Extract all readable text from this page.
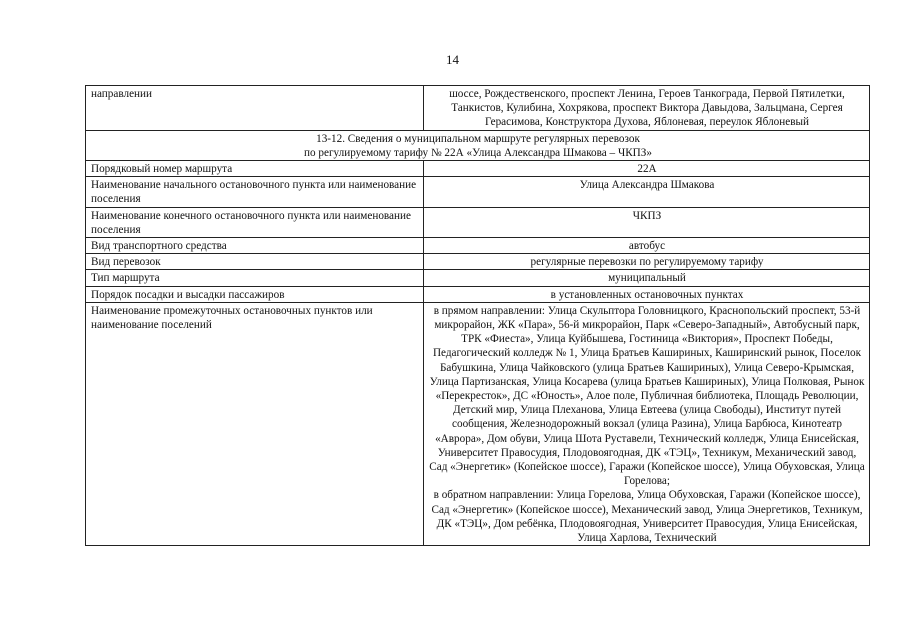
14
направлении	шоссе, Рождественского, проспект Ленина, Героев Танкограда, Первой Пятилетки, Танкистов, Кулибина, Хохрякова, проспект Виктора Давыдова, Зальцмана, Сергея Герасимова, Конструктора Духова, Яблоневая, переулок Яблоневый

13-12. Сведения о муниципальном маршруте регулярных перевозок
по регулируемому тарифу № 22А «Улица Александра Шмакова – ЧКПЗ»	

Порядковый номер маршрута	22А
Наименование начального остановочного пункта или наименование поселения	Улица Александра Шмакова
Наименование конечного остановочного пункта или наименование поселения	ЧКПЗ
Вид транспортного средства	автобус
Вид перевозок	регулярные перевозки по регулируемому тарифу
Тип маршрута	муниципальный
Порядок посадки и высадки пассажиров	в установленных остановочных пунктах
Наименование промежуточных остановочных пунктов или наименование поселений	в прямом направлении: Улица Скульптора Головницкого, Краснопольский проспект, 53-й микрорайон, ЖК «Пара», 56-й микрорайон, Парк «Северо-Западный», Автобусный парк, ТРК «Фиеста», Улица Куйбышева, Гостиница «Виктория», Проспект Победы, Педагогический колледж № 1, Улица Братьев Кашириных, Каширинский рынок, Поселок Бабушкина, Улица Чайковского (улица Братьев Кашириных), Улица Северо-Крымская, Улица Партизанская, Улица Косарева (улица Братьев Кашириных), Улица Полковая, Рынок «Перекресток», ДС «Юность», Алое поле, Публичная библиотека, Площадь Революции, Детский мир, Улица Плеханова, Улица Евтеева (улица Свободы), Институт путей сообщения, Железнодорожный вокзал (улица Разина), Улица Барбюса, Кинотеатр «Аврора», Дом обуви, Улица Шота Руставели, Технический колледж, Улица Енисейская, Университет Правосудия, Плодовоягодная, ДК «ТЭЦ», Техникум, Механический завод, Сад «Энергетик» (Копейское шоссе), Гаражи (Копейское шоссе), Улица Обуховская, Улица Горелова;
в обратном направлении: Улица Горелова, Улица Обуховская, Гаражи (Копейское шоссе), Сад «Энергетик» (Копейское шоссе), Механический завод, Улица Энергетиков, Техникум, ДК «ТЭЦ», Дом ребёнка, Плодовоягодная, Университет Правосудия, Улица Енисейская, Улица Харлова, Технический
